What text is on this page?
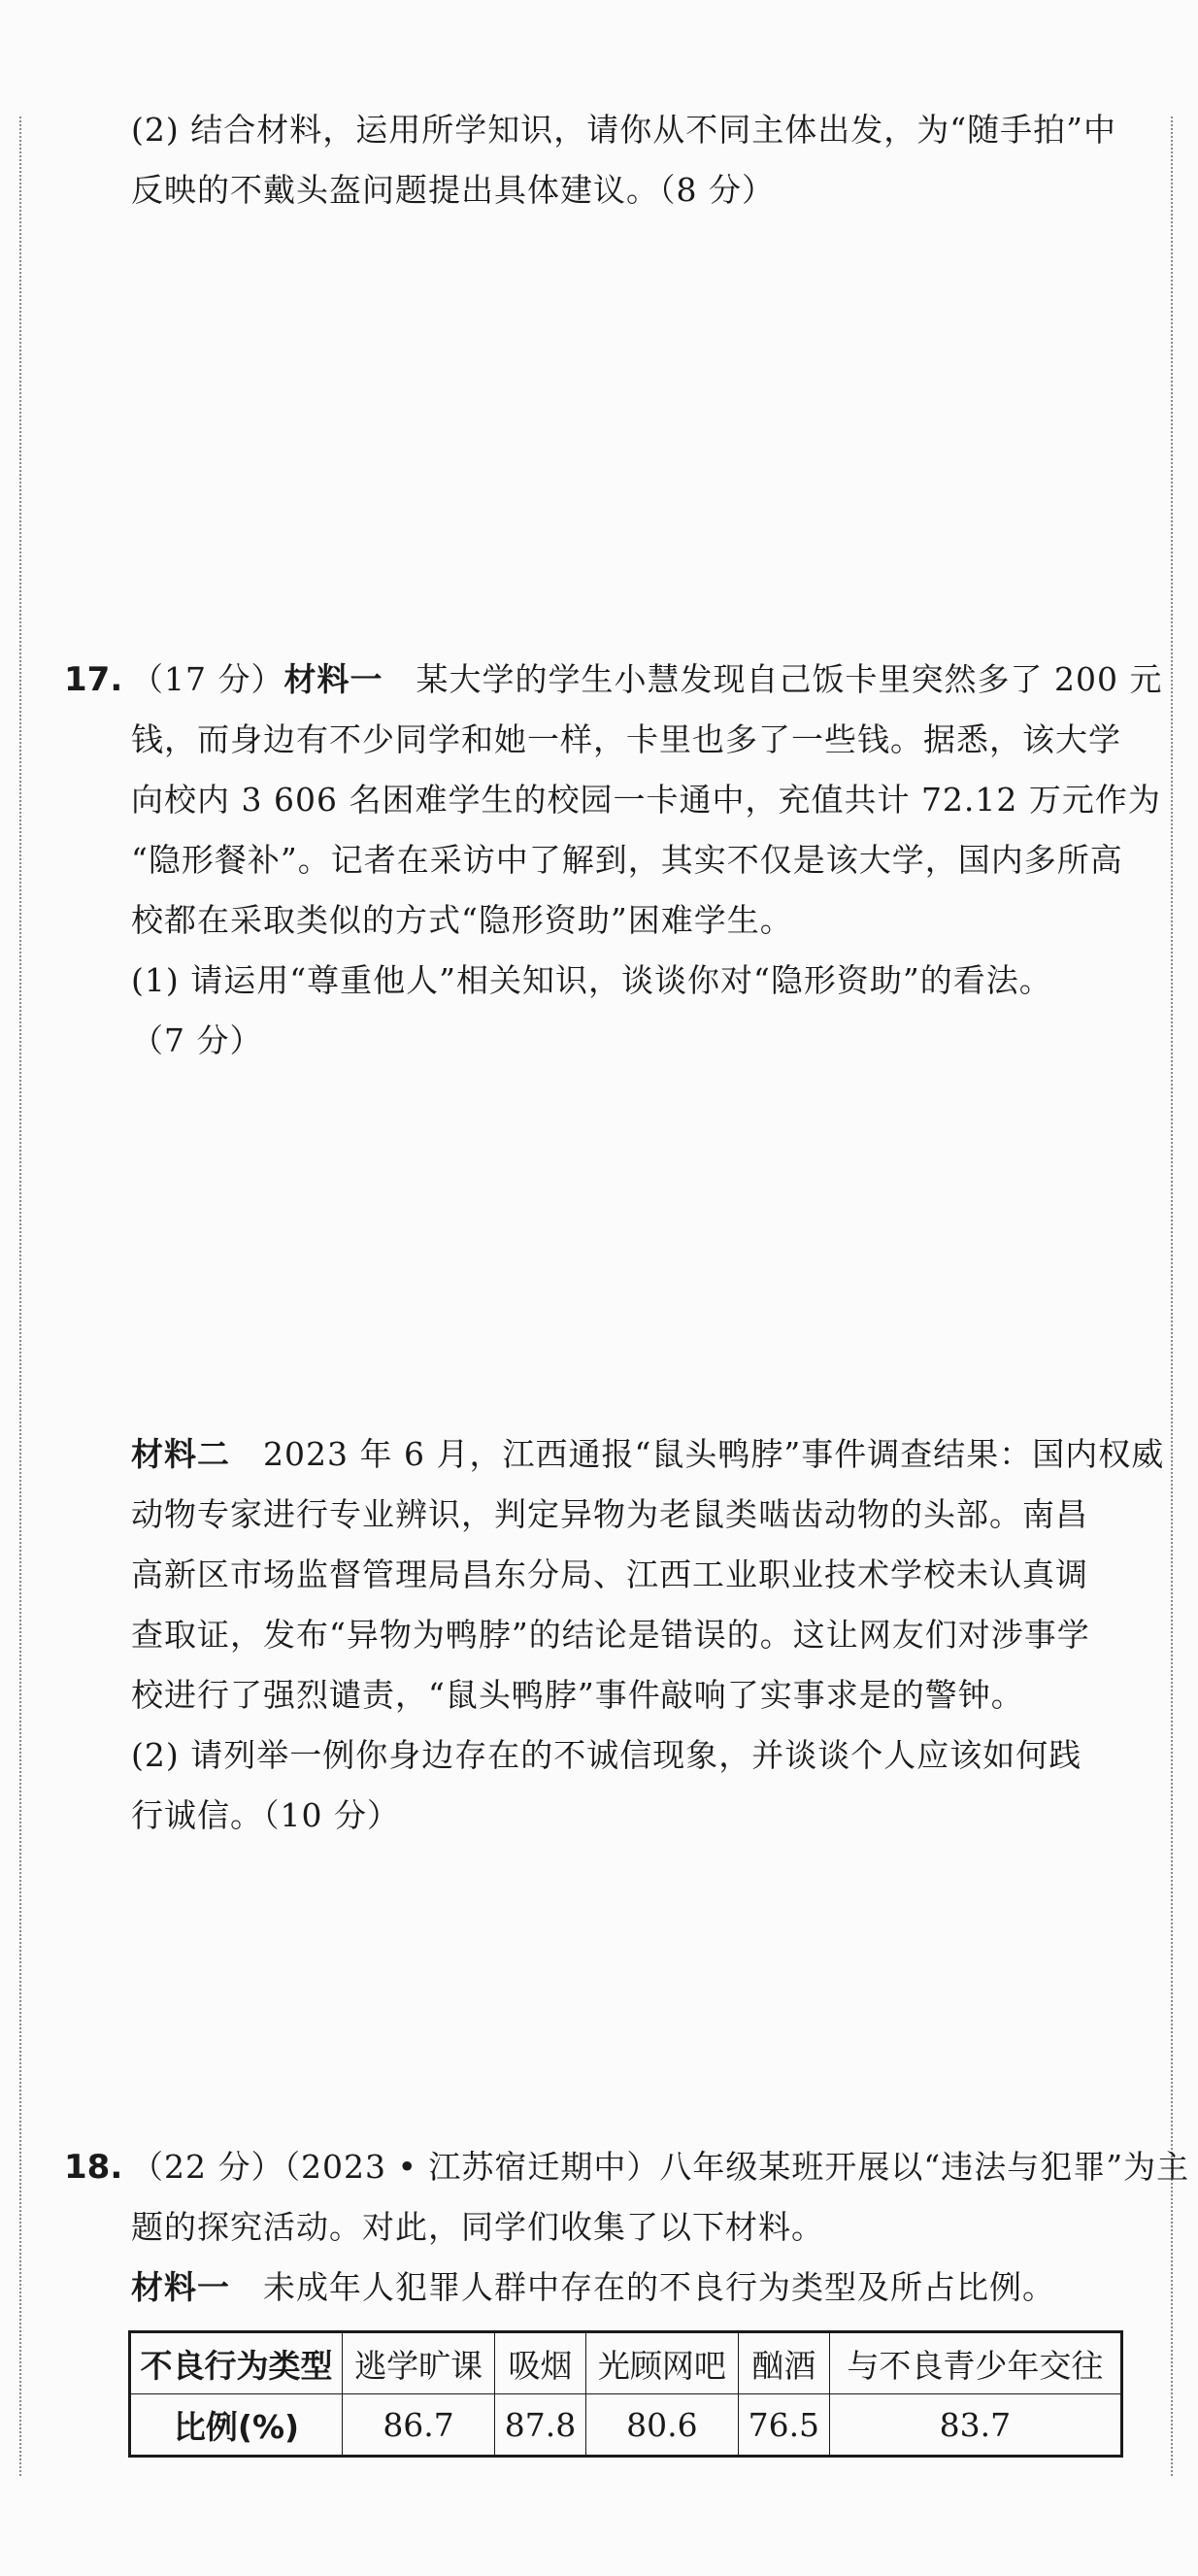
(2) 结合材料，运用所学知识，请你从不同主体出发，为“随手拍”中
反映的不戴头盔问题提出具体建议。（8 分）
17. （17 分）材料一　某大学的学生小慧发现自己饭卡里突然多了 200 元
钱，而身边有不少同学和她一样，卡里也多了一些钱。据悉，该大学
向校内 3 606 名困难学生的校园一卡通中，充值共计 72.12 万元作为
“隐形餐补”。记者在采访中了解到，其实不仅是该大学，国内多所高
校都在采取类似的方式“隐形资助”困难学生。
(1) 请运用“尊重他人”相关知识，谈谈你对“隐形资助”的看法。
（7 分）
材料二　2023 年 6 月，江西通报“鼠头鸭脖”事件调查结果：国内权威
动物专家进行专业辨识，判定异物为老鼠类啮齿动物的头部。南昌
高新区市场监督管理局昌东分局、江西工业职业技术学校未认真调
查取证，发布“异物为鸭脖”的结论是错误的。这让网友们对涉事学
校进行了强烈谴责，“鼠头鸭脖”事件敲响了实事求是的警钟。
(2) 请列举一例你身边存在的不诚信现象，并谈谈个人应该如何践
行诚信。（10 分）
18. （22 分）（2023 • 江苏宿迁期中）八年级某班开展以“违法与犯罪”为主
题的探究活动。对此，同学们收集了以下材料。
材料一　未成年人犯罪人群中存在的不良行为类型及所占比例。
不良行为类型	逃学旷课	吸烟	光顾网吧	酗酒	与不良青少年交往
比例(%)	86.7	87.8	80.6	76.5	83.7
